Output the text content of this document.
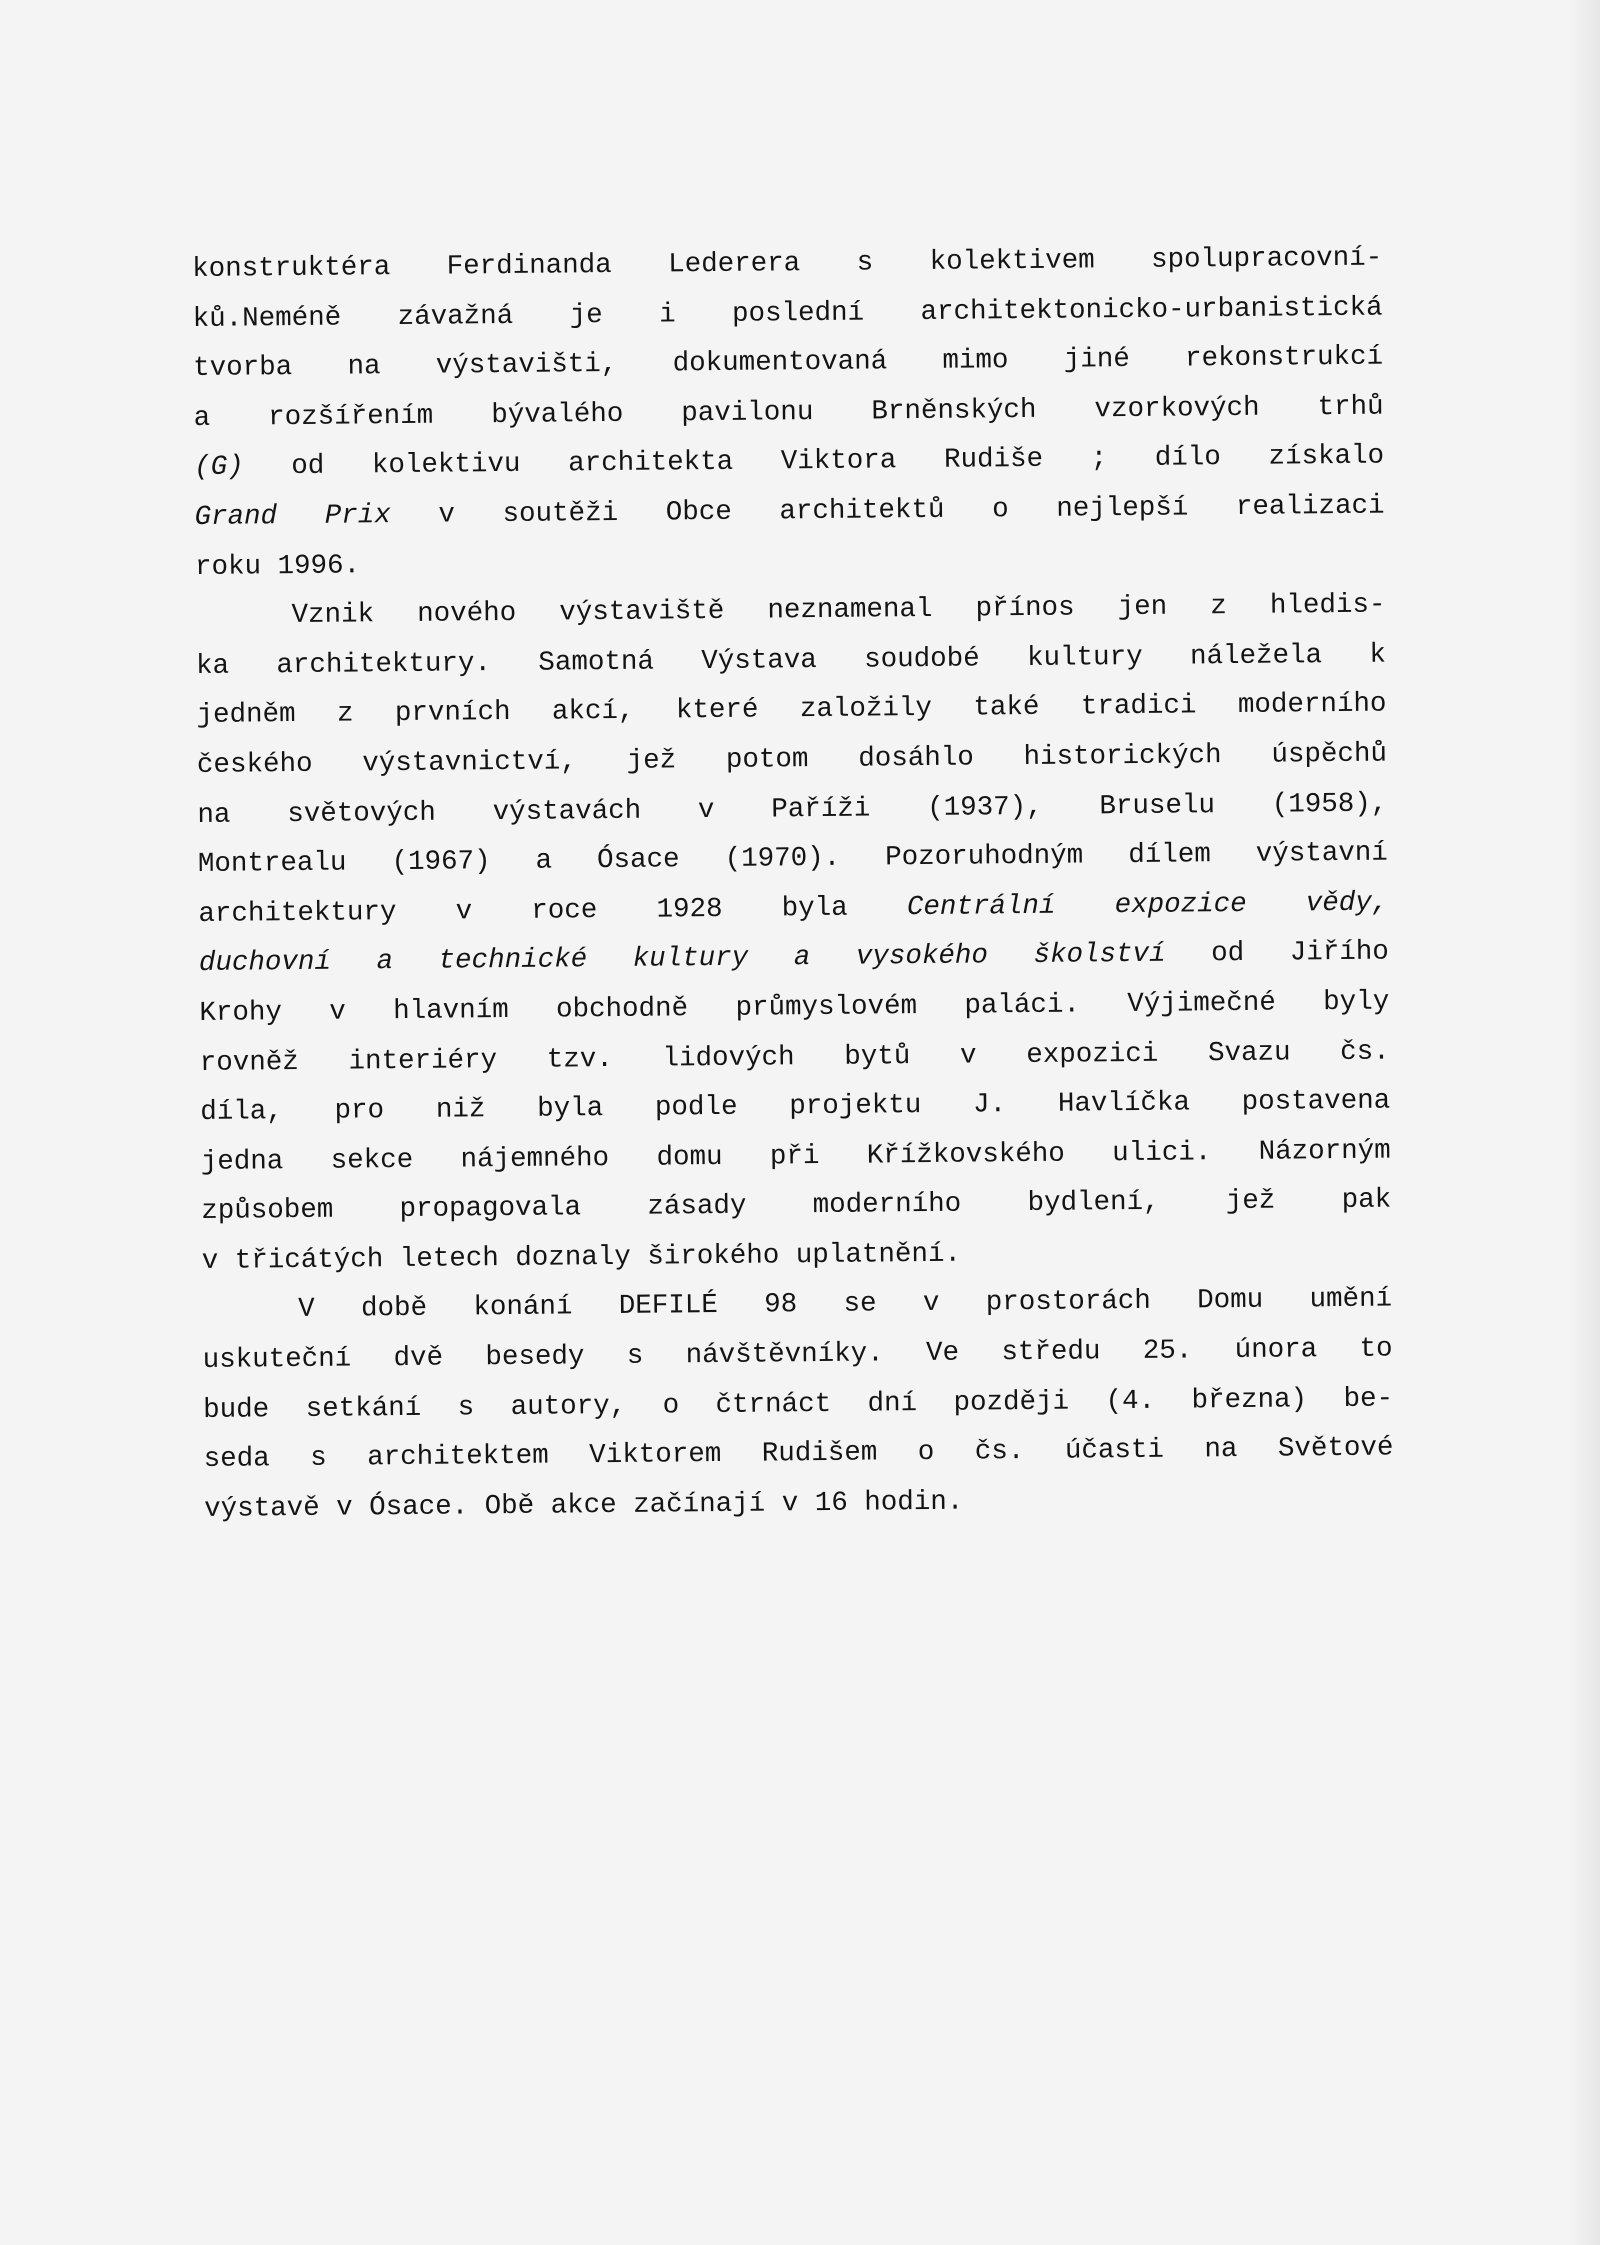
konstruktéra Ferdinanda Lederera s kolektivem spolupracovní-
ků.Neméně závažná je i poslední architektonicko-urbanistická
tvorba na výstavišti, dokumentovaná mimo jiné rekonstrukcí
a rozšířením bývalého pavilonu Brněnských vzorkových trhů
(G) od kolektivu architekta Viktora Rudiše ; dílo získalo
Grand Prix v soutěži Obce architektů o nejlepší realizaci
roku 1996.
Vznik nového výstaviště neznamenal přínos jen z hledis-
ka architektury. Samotná Výstava soudobé kultury náležela k
jedněm z prvních akcí, které založily také tradici moderního
českého výstavnictví, jež potom dosáhlo historických úspěchů
na světových výstavách v Paříži (1937), Bruselu (1958),
Montrealu (1967) a Ósace (1970). Pozoruhodným dílem výstavní
architektury v roce 1928 byla Centrální expozice vědy,
duchovní a technické kultury a vysokého školství od Jiřího
Krohy v hlavním obchodně průmyslovém paláci. Výjimečné byly
rovněž interiéry tzv. lidových bytů v expozici Svazu čs.
díla, pro niž byla podle projektu J. Havlíčka postavena
jedna sekce nájemného domu při Křížkovského ulici. Názorným
způsobem propagovala zásady moderního bydlení, jež pak
v třicátých letech doznaly širokého uplatnění.
V době konání DEFILÉ 98 se v prostorách Domu umění
uskuteční dvě besedy s návštěvníky. Ve středu 25. února to
bude setkání s autory, o čtrnáct dní později (4. března) be-
seda s architektem Viktorem Rudišem o čs. účasti na Světové
výstavě v Ósace. Obě akce začínají v 16 hodin.
